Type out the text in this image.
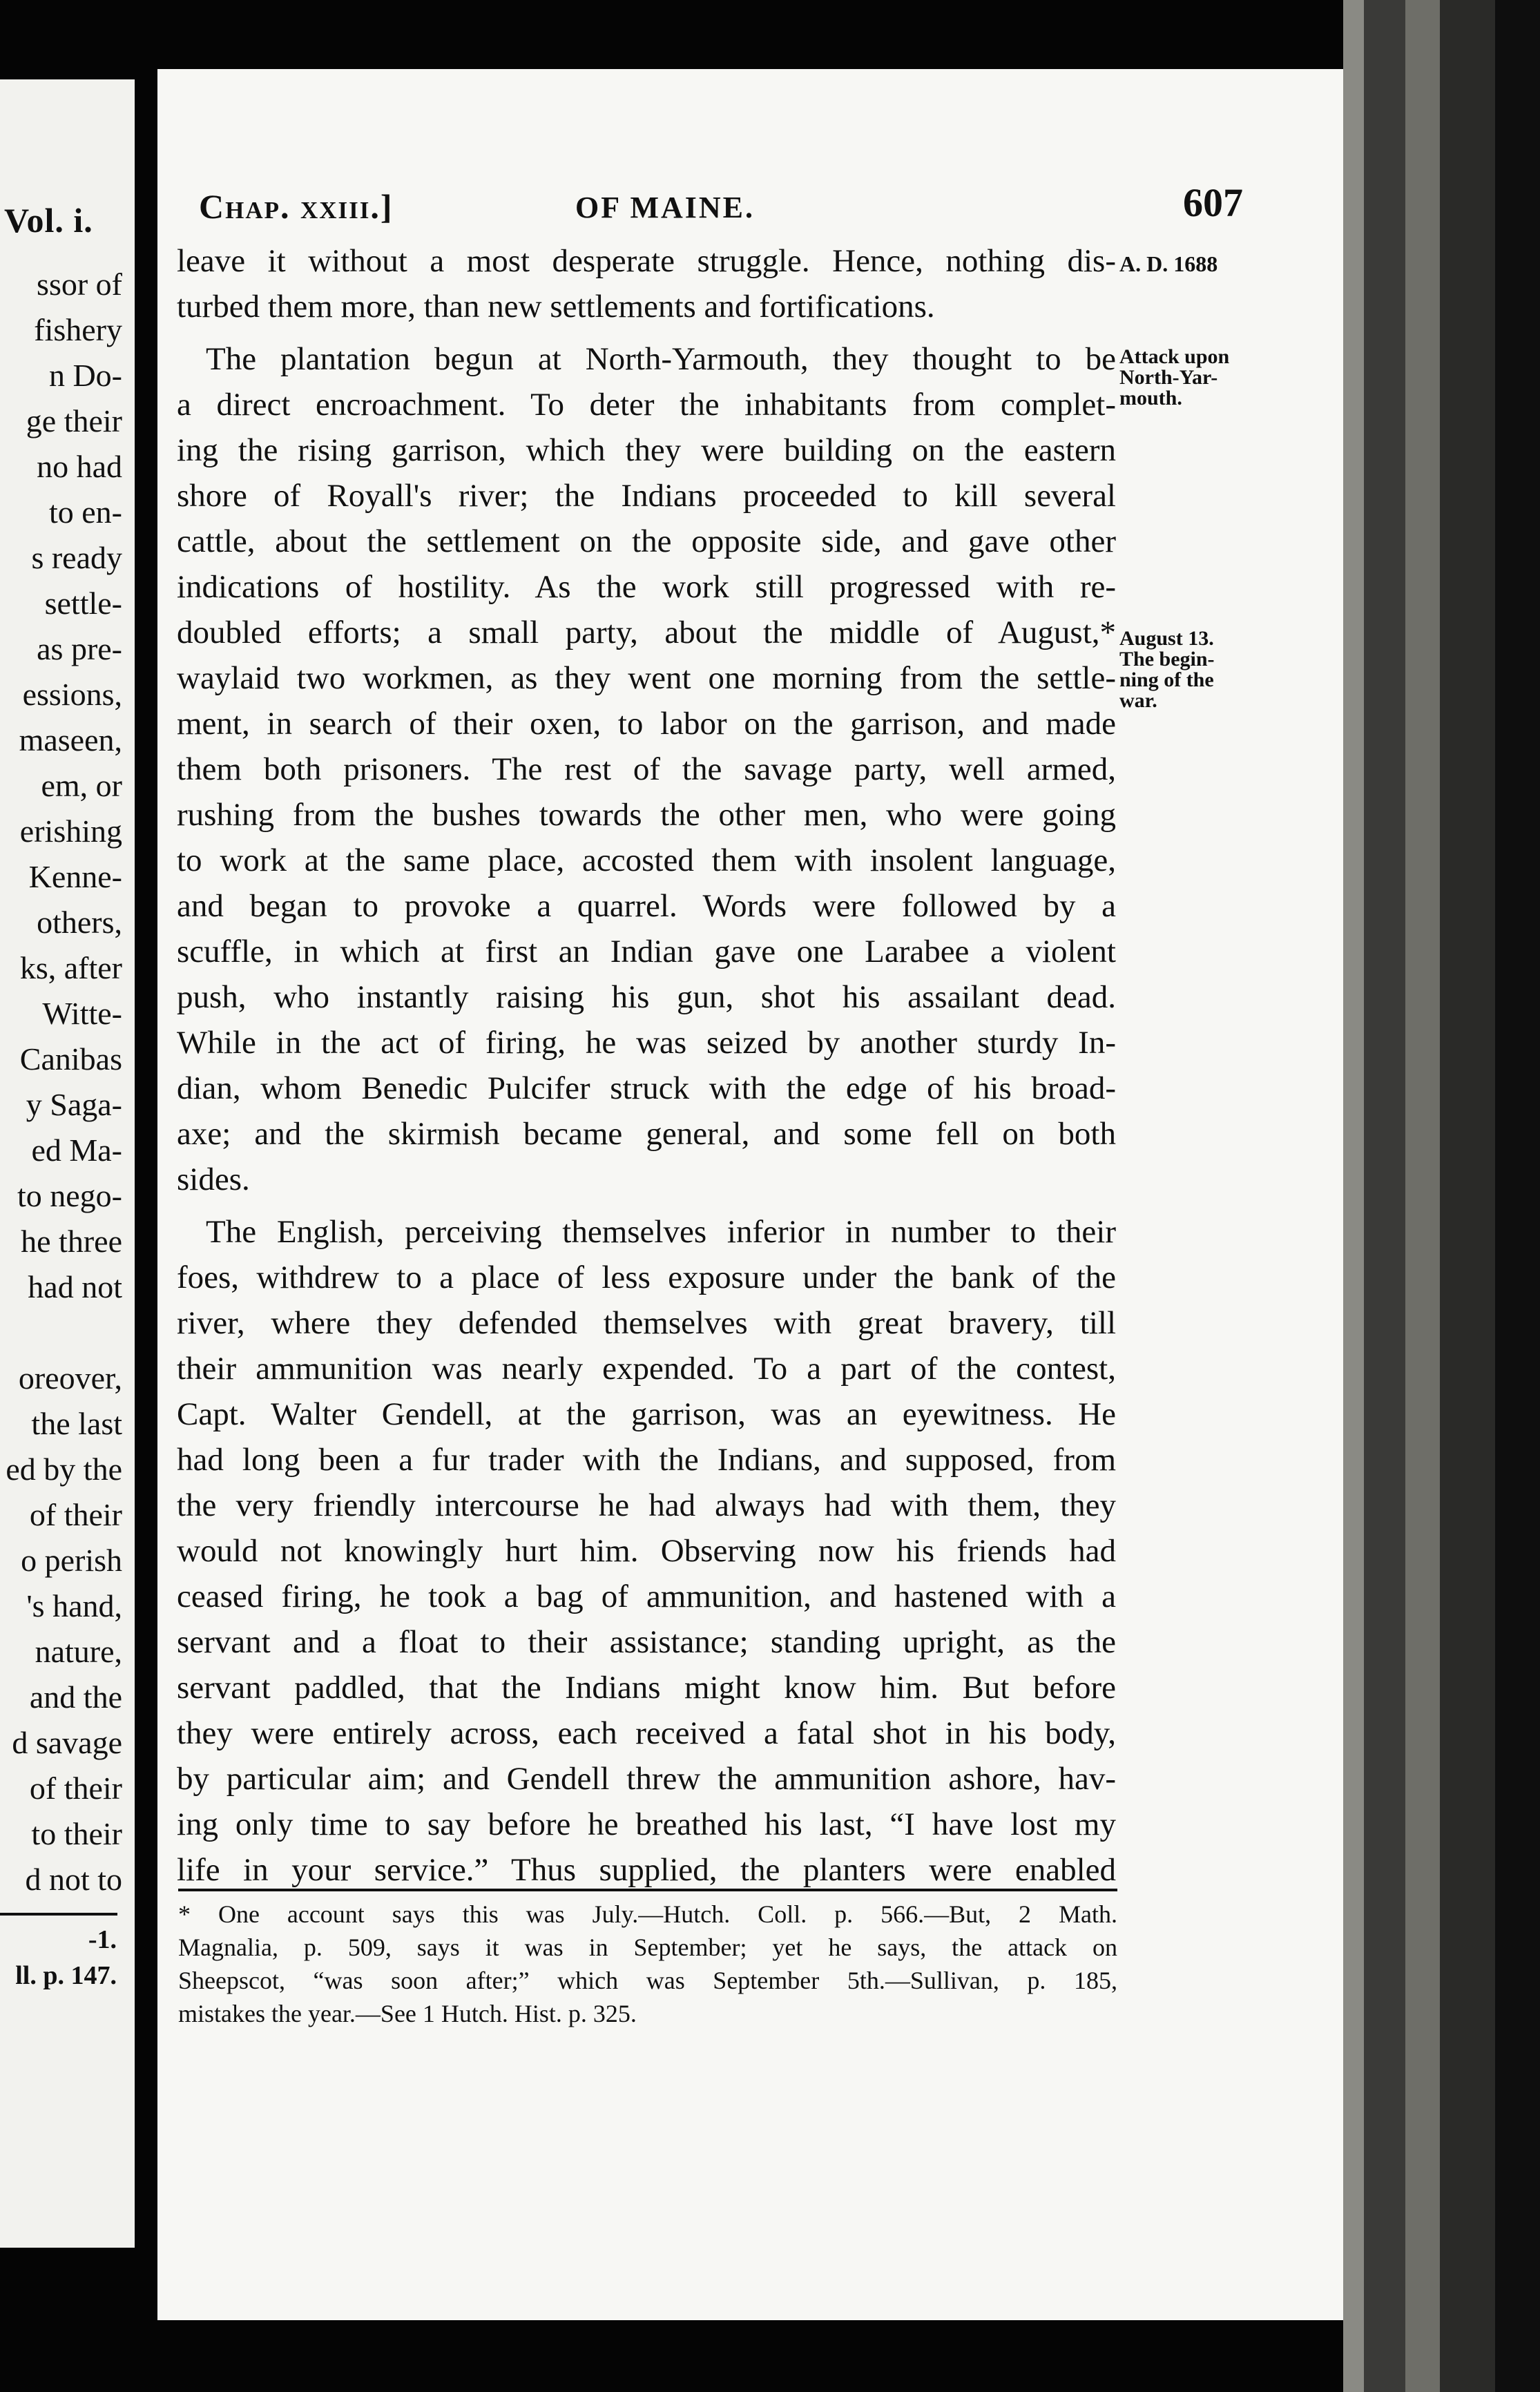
Vol. i.
ssor of
fishery
n Do-
ge their
no had
to en-
s ready
settle-
as pre-
essions,
maseen,
em, or
erishing
Kenne-
others,
ks, after
Witte-
Canibas
y Saga-
ed Ma-
to nego-
he three
had not
oreover,
the last
ed by the
of their
o perish
's hand,
nature,
and the
d savage
of their
to their
d not to
-1.
ll. p. 147.
Chap. xxiii.]	OF MAINE.	607
leave it without a most desperate struggle. Hence, nothing dis-
turbed them more, than new settlements and fortifications.
The plantation begun at North-Yarmouth, they thought to be
a direct encroachment. To deter the inhabitants from complet-
ing the rising garrison, which they were building on the eastern
shore of Royall's river; the Indians proceeded to kill several
cattle, about the settlement on the opposite side, and gave other
indications of hostility. As the work still progressed with re-
doubled efforts; a small party, about the middle of August,*
waylaid two workmen, as they went one morning from the settle-
ment, in search of their oxen, to labor on the garrison, and made
them both prisoners. The rest of the savage party, well armed,
rushing from the bushes towards the other men, who were going
to work at the same place, accosted them with insolent language,
and began to provoke a quarrel. Words were followed by a
scuffle, in which at first an Indian gave one Larabee a violent
push, who instantly raising his gun, shot his assailant dead.
While in the act of firing, he was seized by another sturdy In-
dian, whom Benedic Pulcifer struck with the edge of his broad-
axe; and the skirmish became general, and some fell on both
sides.
The English, perceiving themselves inferior in number to their
foes, withdrew to a place of less exposure under the bank of the
river, where they defended themselves with great bravery, till
their ammunition was nearly expended. To a part of the contest,
Capt. Walter Gendell, at the garrison, was an eyewitness. He
had long been a fur trader with the Indians, and supposed, from
the very friendly intercourse he had always had with them, they
would not knowingly hurt him. Observing now his friends had
ceased firing, he took a bag of ammunition, and hastened with a
servant and a float to their assistance; standing upright, as the
servant paddled, that the Indians might know him. But before
they were entirely across, each received a fatal shot in his body,
by particular aim; and Gendell threw the ammunition ashore, hav-
ing only time to say before he breathed his last, “I have lost my
life in your service.” Thus supplied, the planters were enabled
A. D. 1688
Attack upon
North-Yar-
mouth.
August 13.
The begin-
ning of the
war.
* One account says this was July.—Hutch. Coll. p. 566.—But, 2 Math.
Magnalia, p. 509, says it was in September; yet he says, the attack on
Sheepscot, “was soon after;” which was September 5th.—Sullivan, p. 185,
mistakes the year.—See 1 Hutch. Hist. p. 325.
